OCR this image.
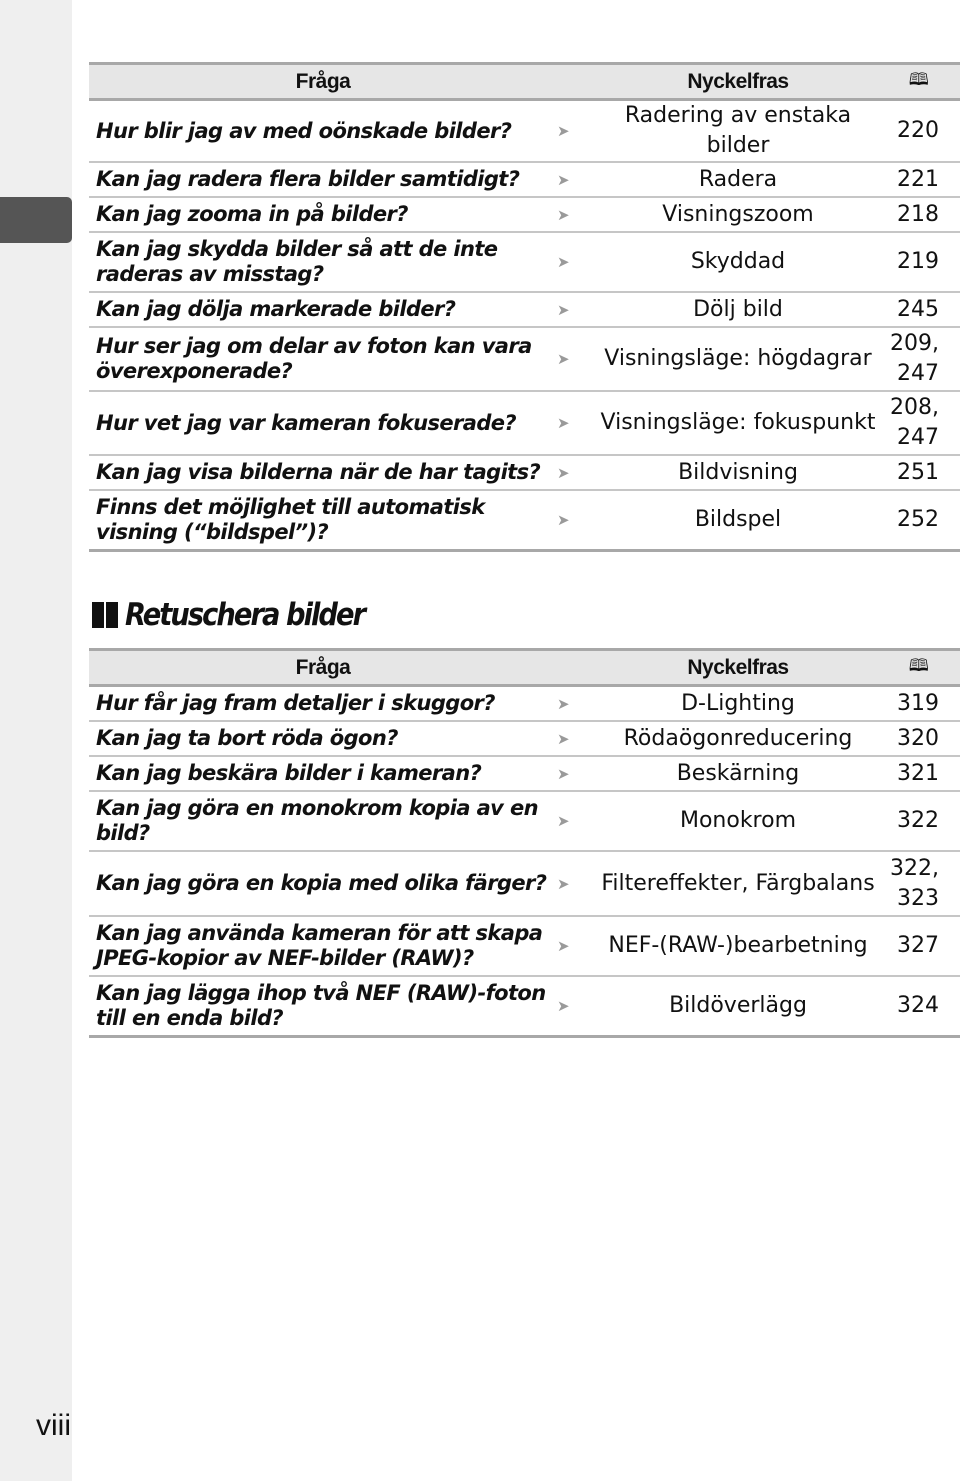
Fråga		Nyckelfras	🕮
Hur blir jag av med oönskade bilder?	➤	Radering av enstaka bilder	220
Kan jag radera flera bilder samtidigt?	➤	Radera	221
Kan jag zooma in på bilder?	➤	Visningszoom	218
Kan jag skydda bilder så att de inte raderas av misstag?	➤	Skyddad	219
Kan jag dölja markerade bilder?	➤	Dölj bild	245
Hur ser jag om delar av foton kan vara överexponerade?	➤	Visningsläge: högdagrar	209, 247
Hur vet jag var kameran fokuserade?	➤	Visningsläge: fokuspunkt	208, 247
Kan jag visa bilderna när de har tagits?	➤	Bildvisning	251
Finns det möjlighet till automatisk visning (“bildspel”)?	➤	Bildspel	252
Retuschera bilder
Fråga		Nyckelfras	🕮
Hur får jag fram detaljer i skuggor?	➤	D-Lighting	319
Kan jag ta bort röda ögon?	➤	Rödaögonreducering	320
Kan jag beskära bilder i kameran?	➤	Beskärning	321
Kan jag göra en monokrom kopia av en bild?	➤	Monokrom	322
Kan jag göra en kopia med olika färger?	➤	Filtereffekter, Färgbalans	322, 323
Kan jag använda kameran för att skapa JPEG-kopior av NEF-bilder (RAW)?	➤	NEF-(RAW-)bearbetning	327
Kan jag lägga ihop två NEF (RAW)-foton till en enda bild?	➤	Bildöverlägg	324
viii
